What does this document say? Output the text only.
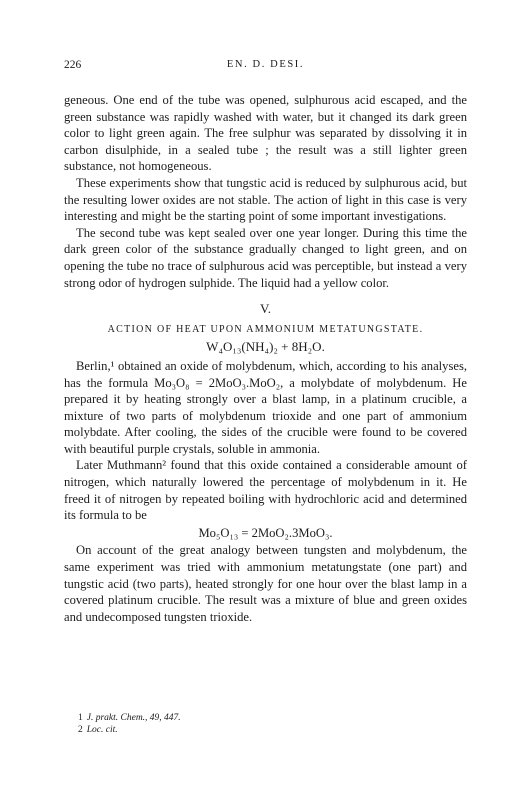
226	EN. D. DESI.

geneous. One end of the tube was opened, sulphurous acid escaped, and the green substance was rapidly washed with water, but it changed its dark green color to light green again. The free sulphur was separated by dissolving it in carbon disulphide, in a sealed tube ; the result was a still lighter green substance, not homogeneous.

These experiments show that tungstic acid is reduced by sulphurous acid, but the resulting lower oxides are not stable. The action of light in this case is very interesting and might be the starting point of some important investigations.

The second tube was kept sealed over one year longer. During this time the dark green color of the substance gradually changed to light green, and on opening the tube no trace of sulphurous acid was perceptible, but instead a very strong odor of hydrogen sulphide. The liquid had a yellow color.

V.
ACTION OF HEAT UPON AMMONIUM METATUNGSTATE.
W₄O₁₃(NH₄)₂ + 8H₂O.

Berlin,¹ obtained an oxide of molybdenum, which, according to his analyses, has the formula Mo₃O₈ = 2MoO₃.MoO₂, a molybdate of molybdenum. He prepared it by heating strongly over a blast lamp, in a platinum crucible, a mixture of two parts of molybdenum trioxide and one part of ammonium molybdate. After cooling, the sides of the crucible were found to be covered with beautiful purple crystals, soluble in ammonia.

Later Muthmann² found that this oxide contained a considerable amount of nitrogen, which naturally lowered the percentage of molybdenum in it. He freed it of nitrogen by repeated boiling with hydrochloric acid and determined its formula to be

Mo₅O₁₃ = 2MoO₂.3MoO₃.

On account of the great analogy between tungsten and molybdenum, the same experiment was tried with ammonium metatungstate (one part) and tungstic acid (two parts), heated strongly for one hour over the blast lamp in a covered platinum crucible. The result was a mixture of blue and green oxides and undecomposed tungsten trioxide.

1 J. prakt. Chem., 49, 447.
2 Loc. cit.
